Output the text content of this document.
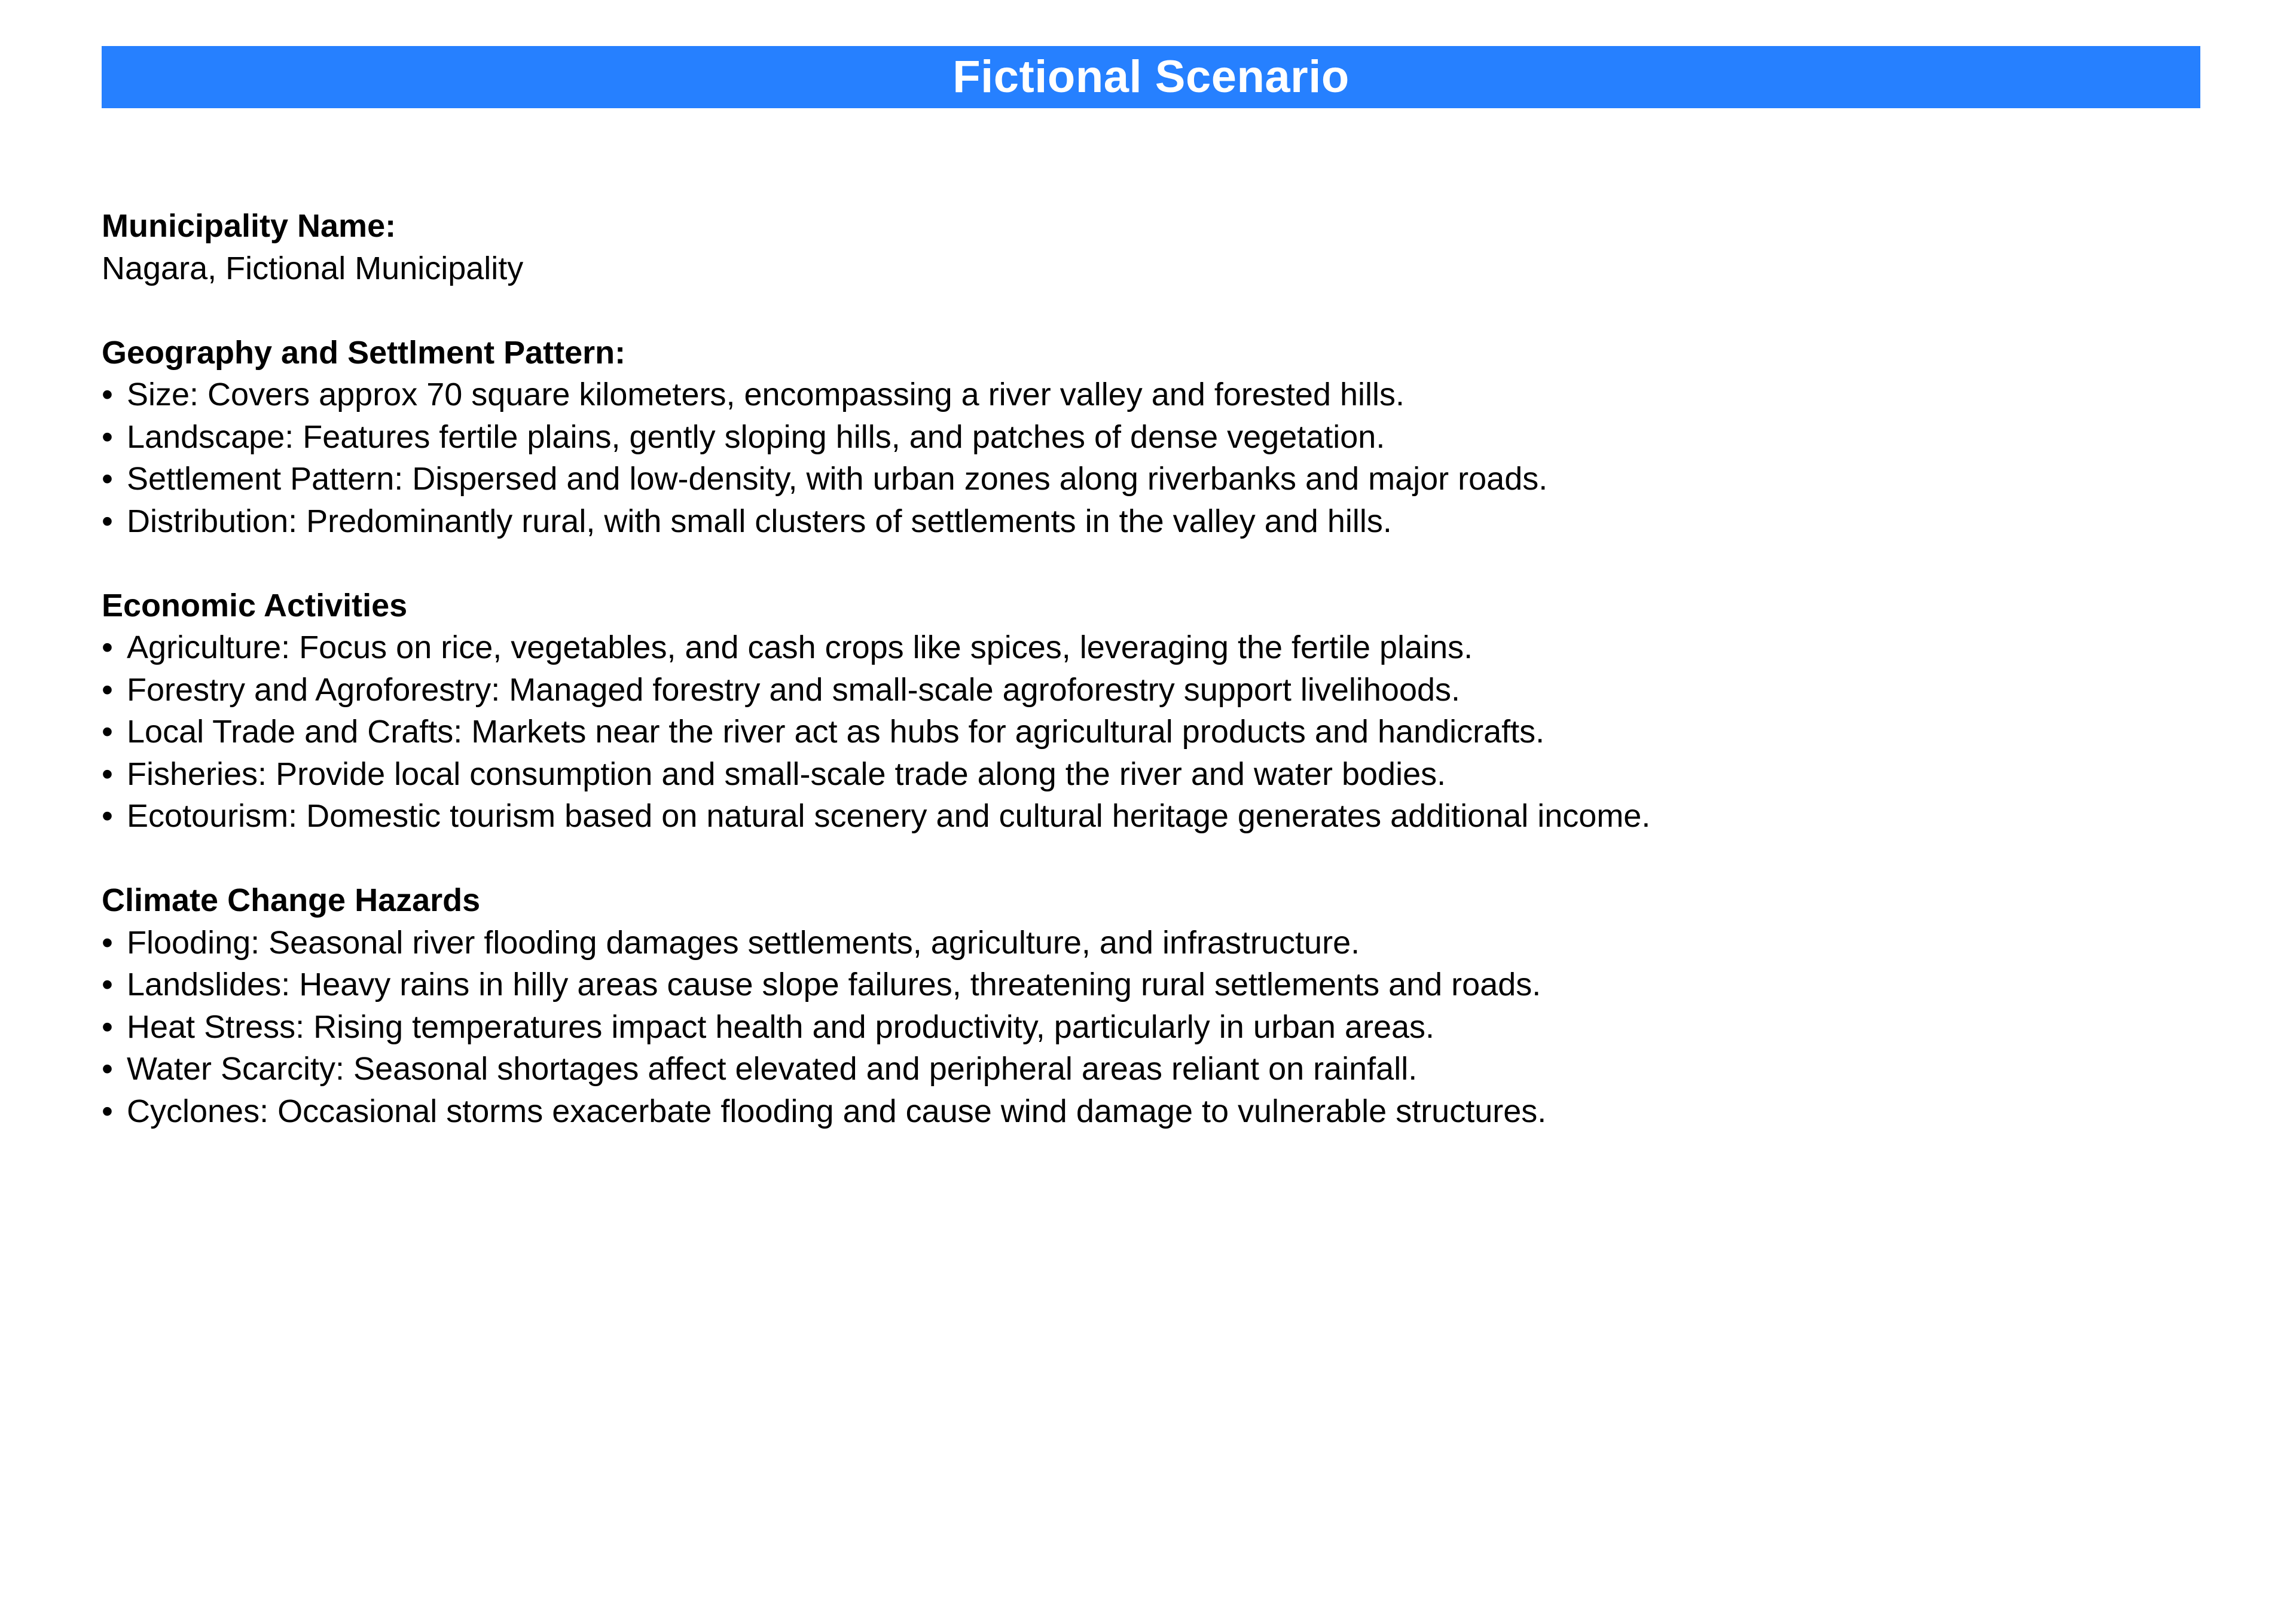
Fictional Scenario
Municipality Name:
Nagara, Fictional Municipality
Geography and Settlment Pattern:
• Size: Covers approx 70 square kilometers, encompassing a river valley and forested hills.
• Landscape: Features fertile plains, gently sloping hills, and patches of dense vegetation.
• Settlement Pattern: Dispersed and low-density, with urban zones along riverbanks and major roads.
• Distribution: Predominantly rural, with small clusters of settlements in the valley and hills.
Economic Activities
• Agriculture: Focus on rice, vegetables, and cash crops like spices, leveraging the fertile plains.
• Forestry and Agroforestry: Managed forestry and small-scale agroforestry support livelihoods.
• Local Trade and Crafts: Markets near the river act as hubs for agricultural products and handicrafts.
• Fisheries: Provide local consumption and small-scale trade along the river and water bodies.
• Ecotourism: Domestic tourism based on natural scenery and cultural heritage generates additional income.
Climate Change Hazards
• Flooding: Seasonal river flooding damages settlements, agriculture, and infrastructure.
• Landslides: Heavy rains in hilly areas cause slope failures, threatening rural settlements and roads.
• Heat Stress: Rising temperatures impact health and productivity, particularly in urban areas.
• Water Scarcity: Seasonal shortages affect elevated and peripheral areas reliant on rainfall.
• Cyclones: Occasional storms exacerbate flooding and cause wind damage to vulnerable structures.
